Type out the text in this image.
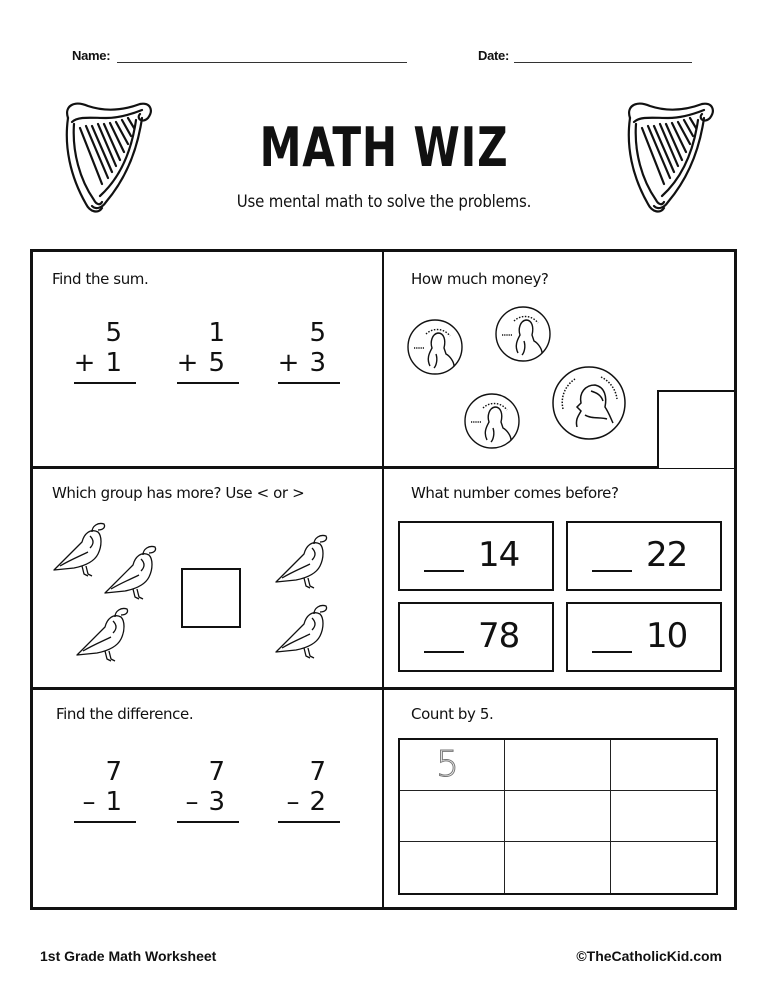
Name:	Date:
MATH WIZ
Use mental math to solve the problems.
Find the sum.
5
+ 1
1
+ 5
5
+ 3
How much money?
Which group has more? Use < or >	What number comes before?
14	22
78	10
Find the difference.
7
– 1
7
– 3
7
– 2
Count by 5.
5
1st Grade Math Worksheet	©TheCatholicKid.com
